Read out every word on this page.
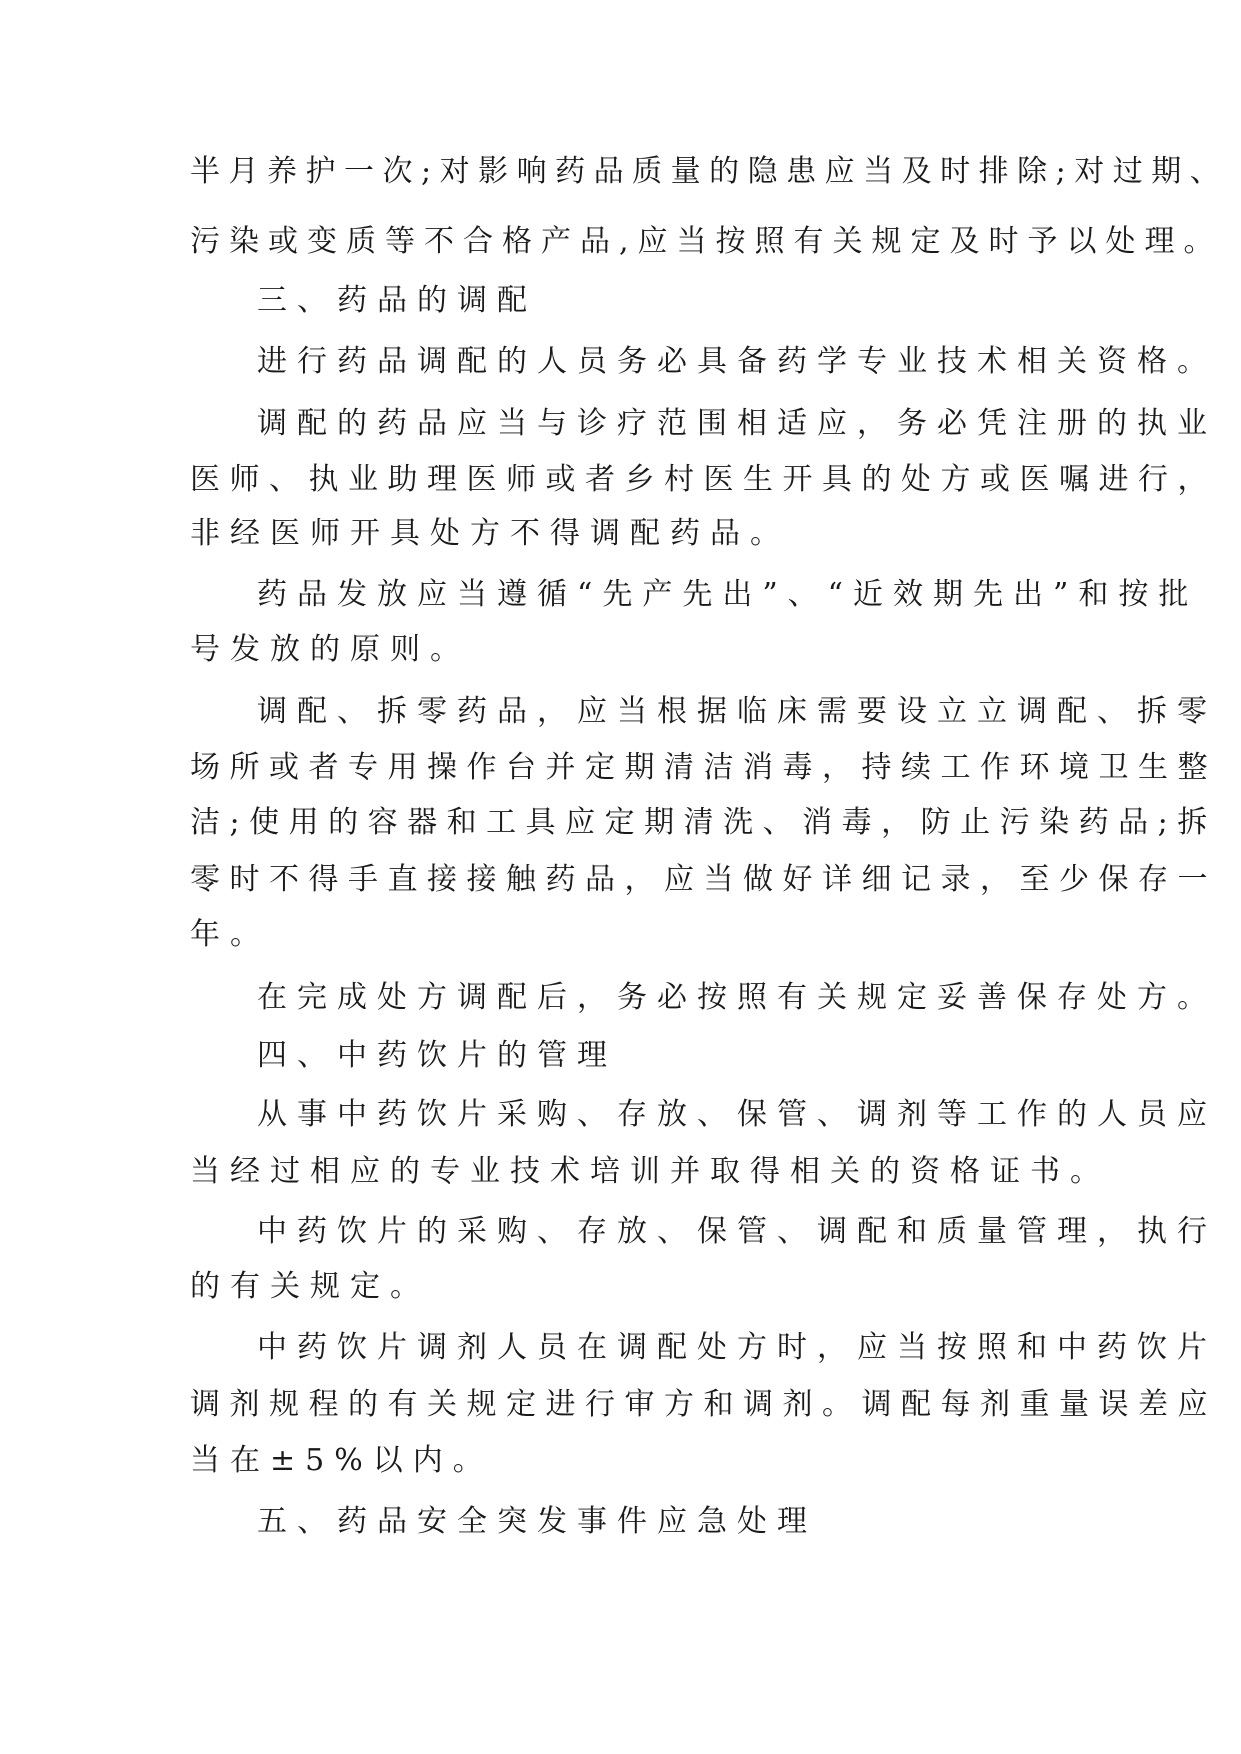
半月养护一次;对影响药品质量的隐患应当及时排除;对过期、
污染或变质等不合格产品,应当按照有关规定及时予以处理。
三、药品的调配
进行药品调配的人员务必具备药学专业技术相关资格。
调配的药品应当与诊疗范围相适应，务必凭注册的执业
医师、执业助理医师或者乡村医生开具的处方或医嘱进行，
非经医师开具处方不得调配药品。
药品发放应当遵循“先产先出”、“近效期先出”和按批
号发放的原则。
调配、拆零药品，应当根据临床需要设立立调配、拆零
场所或者专用操作台并定期清洁消毒，持续工作环境卫生整
洁;使用的容器和工具应定期清洗、消毒，防止污染药品;拆
零时不得手直接接触药品，应当做好详细记录，至少保存一
年。
在完成处方调配后，务必按照有关规定妥善保存处方。
四、中药饮片的管理
从事中药饮片采购、存放、保管、调剂等工作的人员应
当经过相应的专业技术培训并取得相关的资格证书。
中药饮片的采购、存放、保管、调配和质量管理，执行
的有关规定。
中药饮片调剂人员在调配处方时，应当按照和中药饮片
调剂规程的有关规定进行审方和调剂。调配每剂重量误差应
当在±5%以内。
五、药品安全突发事件应急处理
